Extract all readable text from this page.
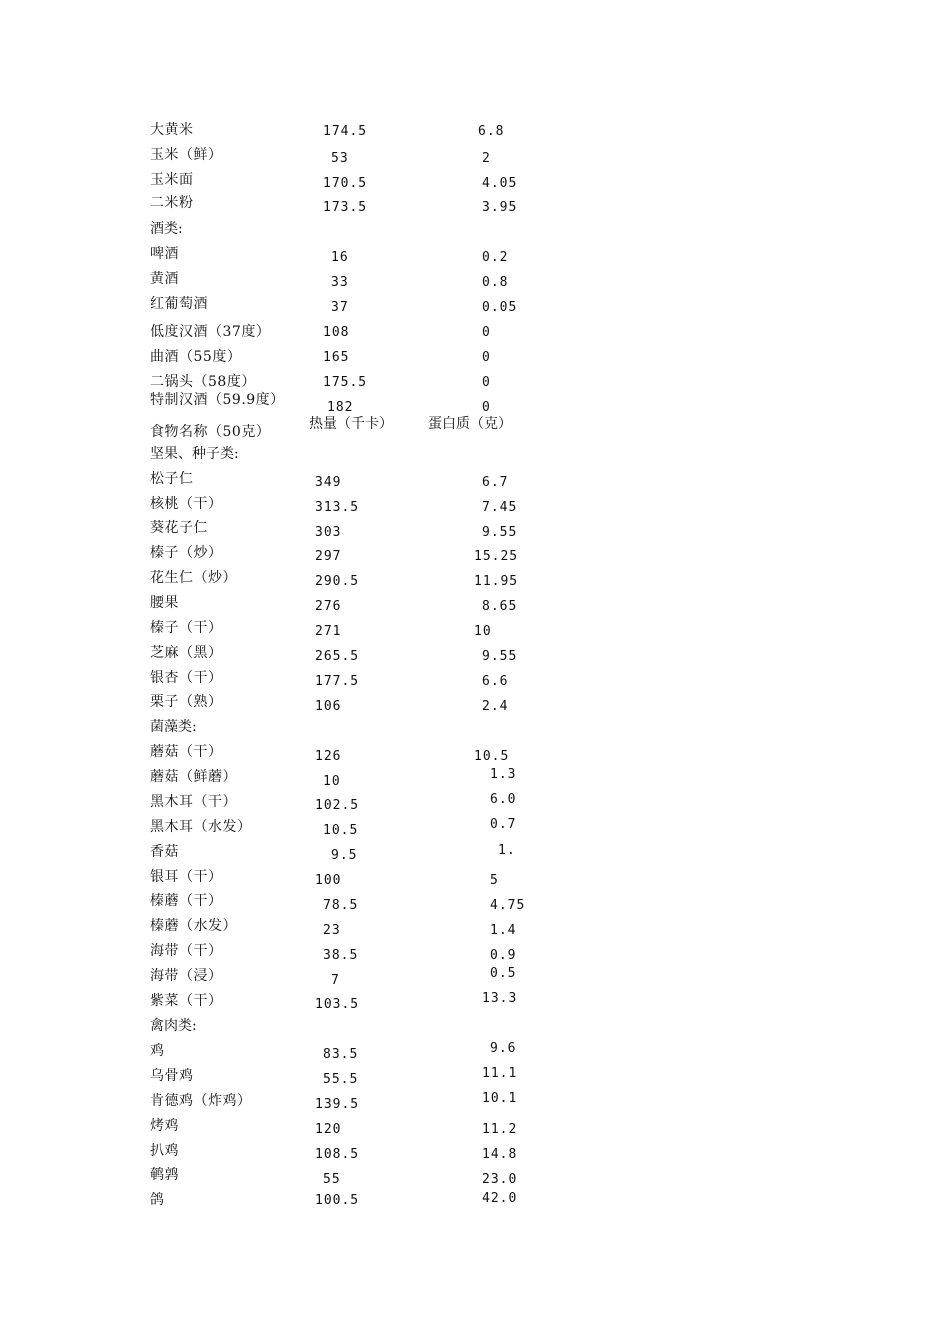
大黄米	174.5	6.8
玉米（鲜）	53	2
玉米面	170.5	4.05
二米粉	173.5	3.95
酒类:
啤酒	16	0.2
黄酒	33	0.8
红葡萄酒	37	0.05
低度汉酒（37度）	108	0
曲酒（55度）	165	0
二锅头（58度）	175.5	0
特制汉酒（59.9度）	182	0
食物名称（50克）	热量（千卡）	蛋白质（克）
坚果、种子类:
松子仁	349	6.7
核桃（干）	313.5	7.45
葵花子仁	303	9.55
榛子（炒）	297	15.25
花生仁（炒）	290.5	11.95
腰果	276	8.65
榛子（干）	271	10
芝麻（黑）	265.5	9.55
银杏（干）	177.5	6.6
栗子（熟）	106	2.4
菌藻类:
蘑菇（干）	126	10.5
蘑菇（鲜蘑）	10	1.3
黑木耳（干）	102.5	6.0
黑木耳（水发）	10.5	0.7
香菇	9.5	1.
银耳（干）	100	5
榛蘑（干）	78.5	4.75
榛蘑（水发）	23	1.4
海带（干）	38.5	0.9
海带（浸）	7	0.5
紫菜（干）	103.5	13.3
禽肉类:
鸡	83.5	9.6
乌骨鸡	55.5	11.1
肯德鸡（炸鸡）	139.5	10.1
烤鸡	120	11.2
扒鸡	108.5	14.8
鹌鹑	55	23.0
鸽	100.5	42.0
